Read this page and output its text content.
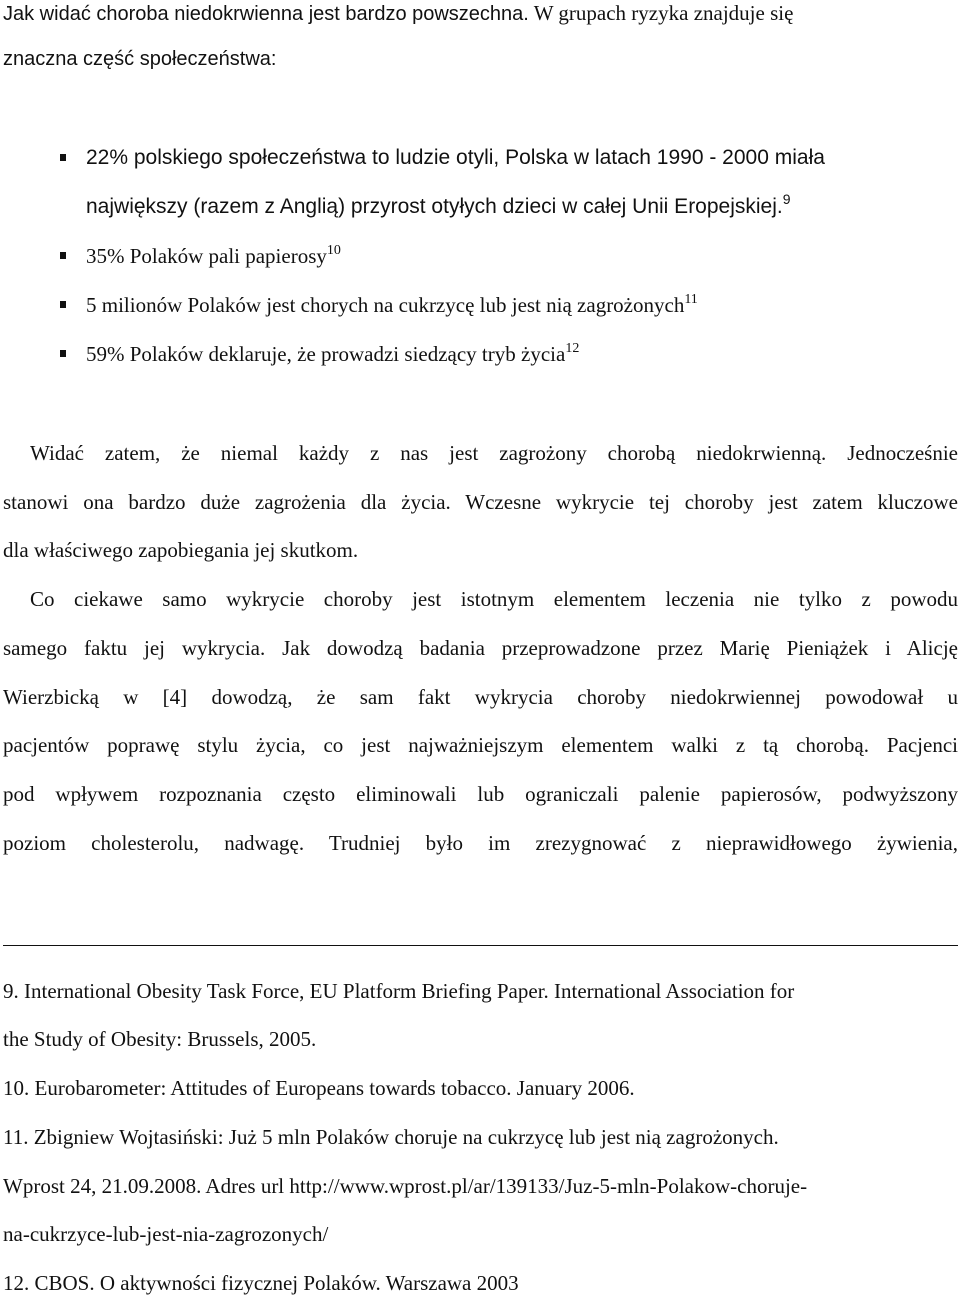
Jak widać choroba niedokrwienna jest bardzo powszechna. W grupach ryzyka znajduje się
znaczna część społeczeństwa:
22% polskiego społeczeństwa to ludzie otyli, Polska w latach 1990 - 2000 miała
największy (razem z Anglią) przyrost otyłych dzieci w całej Unii Eropejskiej.$^9$
35% Polaków pali papierosy$^{10}$
5 milionów Polaków jest chorych na cukrzycę lub jest nią zagrożonych$^{11}$
59% Polaków deklaruje, że prowadzi siedzący tryb życia$^{12}$
Widać zatem, że niemal każdy z nas jest zagrożony chorobą niedokrwienną. Jednocześnie
stanowi ona bardzo duże zagrożenia dla życia. Wczesne wykrycie tej choroby jest zatem kluczowe
dla właściwego zapobiegania jej skutkom.
Co ciekawe samo wykrycie choroby jest istotnym elementem leczenia nie tylko z powodu
samego faktu jej wykrycia. Jak dowodzą badania przeprowadzone przez Marię Pieniążek i Alicję
Wierzbicką w [4] dowodzą, że sam fakt wykrycia choroby niedokrwiennej powodował u
pacjentów poprawę stylu życia, co jest najważniejszym elementem walki z tą chorobą. Pacjenci
pod wpływem rozpoznania często eliminowali lub ograniczali palenie papierosów, podwyższony
poziom cholesterolu, nadwagę. Trudniej było im zrezygnować z nieprawidłowego żywienia,
9. International Obesity Task Force, EU Platform Briefing Paper. International Association for
the Study of Obesity: Brussels, 2005.
10. Eurobarometer: Attitudes of Europeans towards tobacco. January 2006.
11. Zbigniew Wojtasiński: Już 5 mln Polaków choruje na cukrzycę lub jest nią zagrożonych.
Wprost 24, 21.09.2008. Adres url http://www.wprost.pl/ar/139133/Juz-5-mln-Polakow-choruje-
na-cukrzyce-lub-jest-nia-zagrozonych/
12. CBOS. O aktywności fizycznej Polaków. Warszawa 2003
